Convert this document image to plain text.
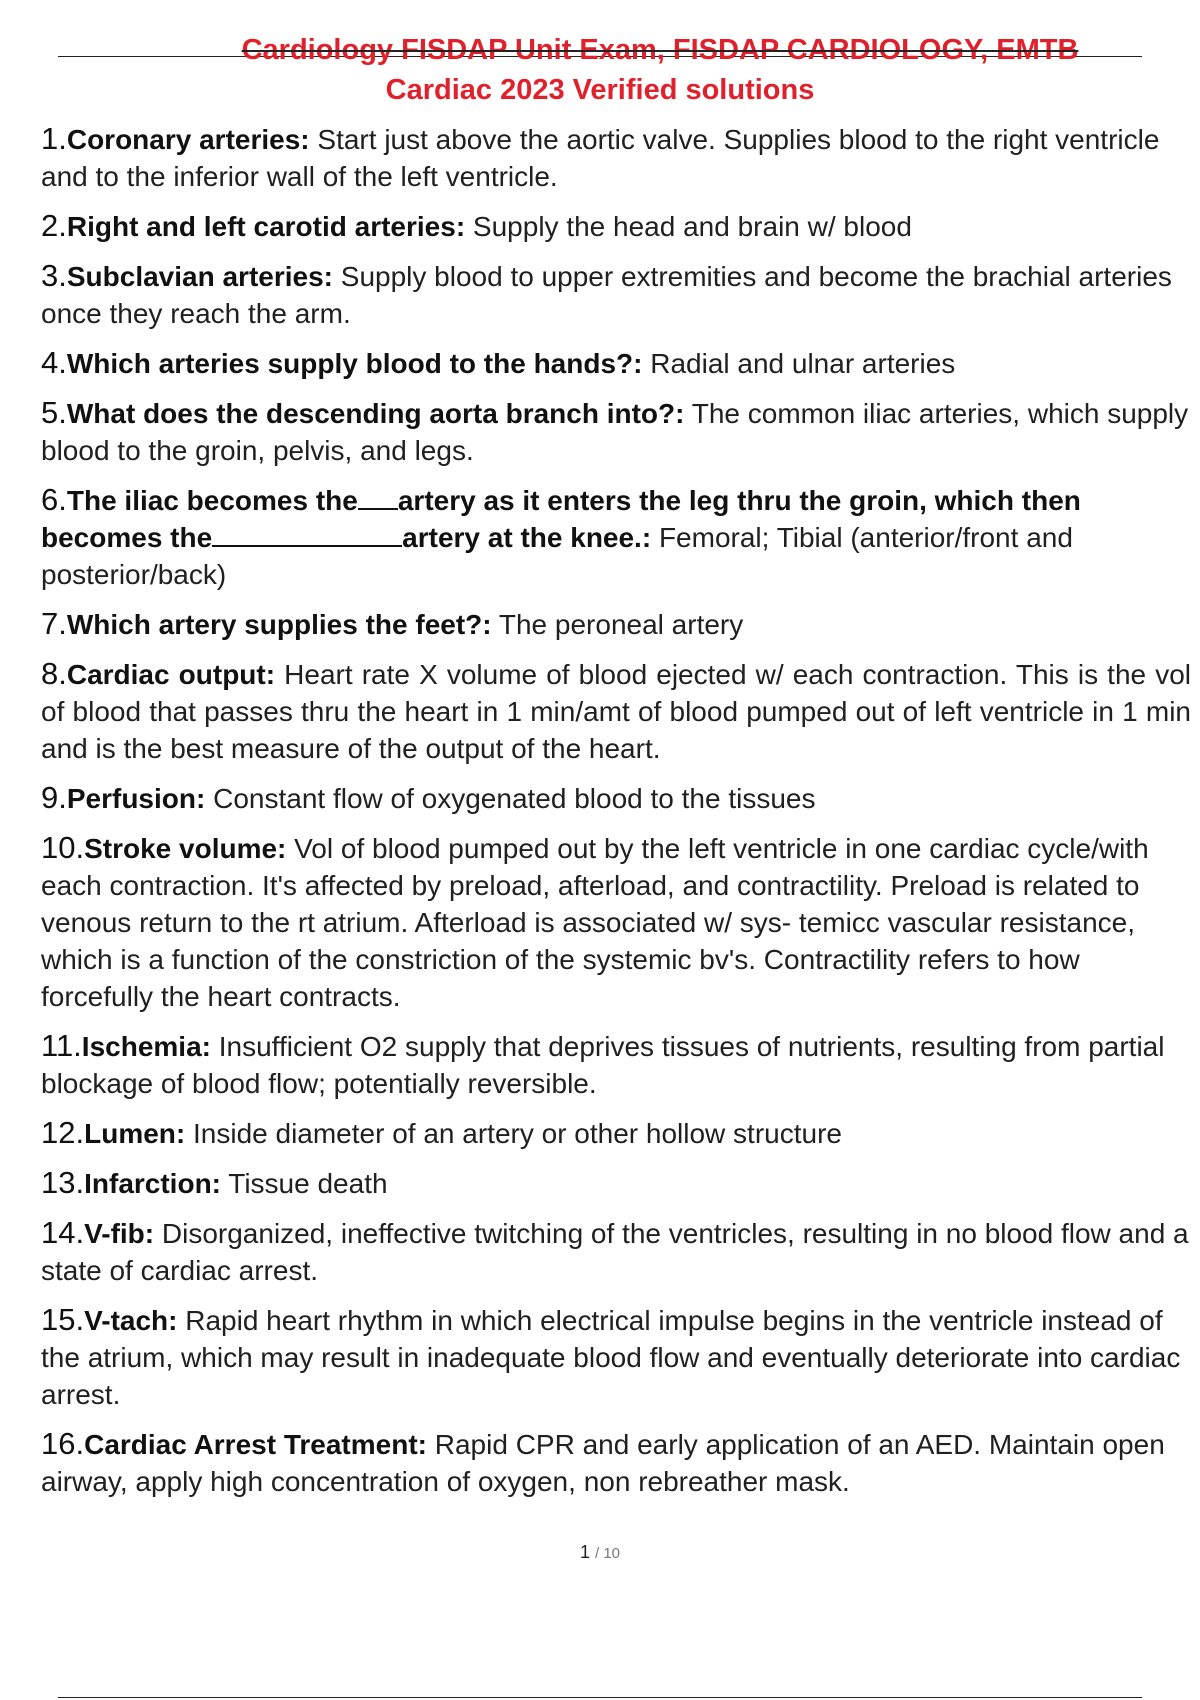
Cardiology FISDAP Unit Exam, FISDAP CARDIOLOGY, EMTB
Cardiac 2023 Verified solutions
1.Coronary arteries: Start just above the aortic valve. Supplies blood to the right ventricle and to the inferior wall of the left ventricle.
2.Right and left carotid arteries: Supply the head and brain w/ blood
3.Subclavian arteries: Supply blood to upper extremities and become the brachial arteries once they reach the arm.
4.Which arteries supply blood to the hands?: Radial and ulnar arteries
5.What does the descending aorta branch into?: The common iliac arteries, which supply blood to the groin, pelvis, and legs.
6.The iliac becomes the artery as it enters the leg thru the groin, which then becomes the	artery at the knee.: Femoral; Tibial (anterior/front and posterior/back)
7.Which artery supplies the feet?: The peroneal artery
8.Cardiac output: Heart rate X volume of blood ejected w/ each contraction. This is the vol of blood that passes thru the heart in 1 min/amt of blood pumped out of left ventricle in 1 min and is the best measure of the output of the heart.
9.Perfusion: Constant flow of oxygenated blood to the tissues
10.Stroke volume: Vol of blood pumped out by the left ventricle in one cardiac cycle/with each contraction. It's affected by preload, afterload, and contractility. Preload is related to venous return to the rt atrium. Afterload is associated w/ sys- temicc vascular resistance, which is a function of the constriction of the systemic bv's. Contractility refers to how forcefully the heart contracts.
11.Ischemia: Insufficient O2 supply that deprives tissues of nutrients, resulting from partial blockage of blood flow; potentially reversible.
12.Lumen: Inside diameter of an artery or other hollow structure
13.Infarction: Tissue death
14.V-fib: Disorganized, ineffective twitching of the ventricles, resulting in no blood flow and a state of cardiac arrest.
15.V-tach: Rapid heart rhythm in which electrical impulse begins in the ventricle instead of the atrium, which may result in inadequate blood flow and eventually deteriorate into cardiac arrest.
16.Cardiac Arrest Treatment: Rapid CPR and early application of an AED. Maintain open airway, apply high concentration of oxygen, non rebreather mask.
1 / 10
